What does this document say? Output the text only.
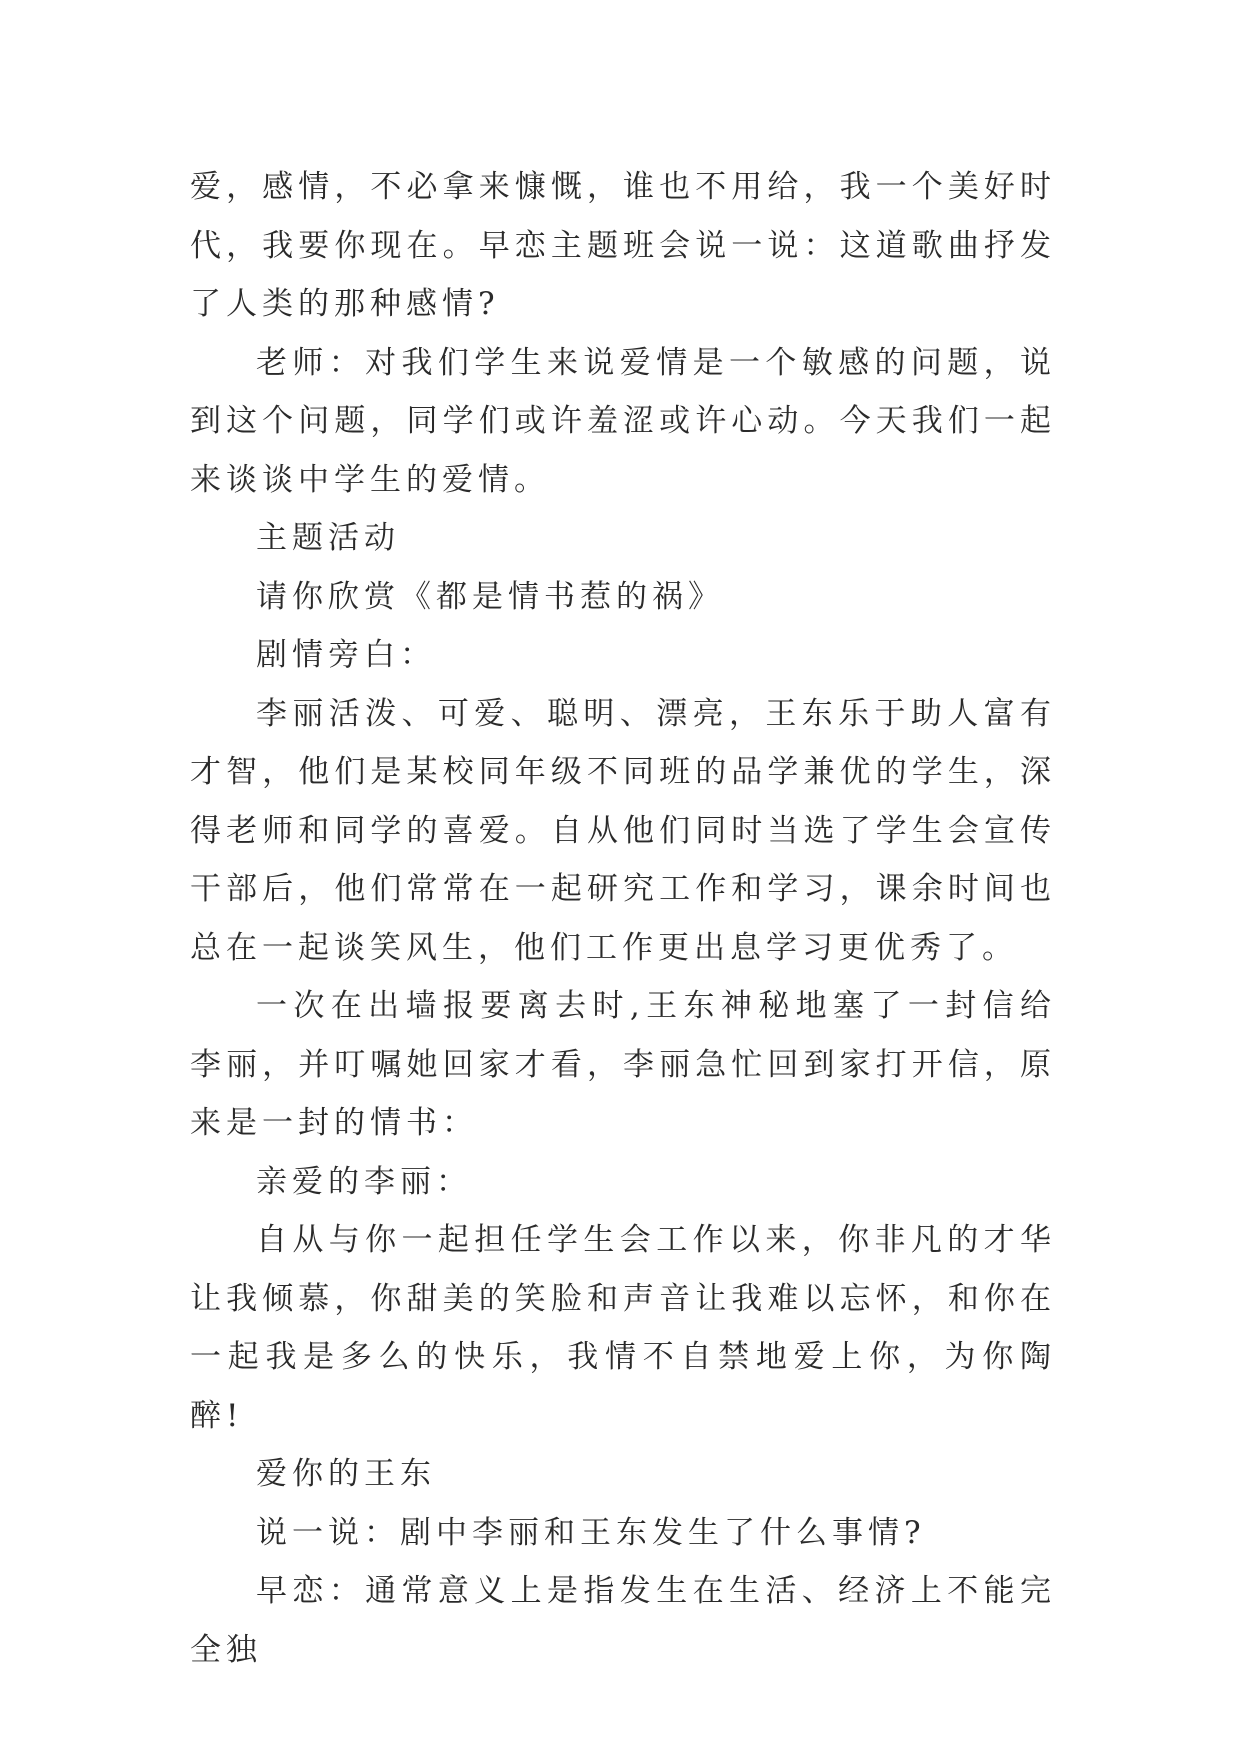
爱，感情，不必拿来慷慨，谁也不用给，我一个美好时代，我要你现在。早恋主题班会说一说：这道歌曲抒发了人类的那种感情?

老师：对我们学生来说爱情是一个敏感的问题，说到这个问题，同学们或许羞涩或许心动。今天我们一起来谈谈中学生的爱情。

主题活动

请你欣赏《都是情书惹的祸》

剧情旁白：

李丽活泼、可爱、聪明、漂亮，王东乐于助人富有才智，他们是某校同年级不同班的品学兼优的学生，深得老师和同学的喜爱。自从他们同时当选了学生会宣传干部后，他们常常在一起研究工作和学习，课余时间也总在一起谈笑风生，他们工作更出息学习更优秀了。

一次在出墙报要离去时,王东神秘地塞了一封信给李丽，并叮嘱她回家才看，李丽急忙回到家打开信，原来是一封的情书：

亲爱的李丽：

自从与你一起担任学生会工作以来，你非凡的才华让我倾慕，你甜美的笑脸和声音让我难以忘怀，和你在一起我是多么的快乐，我情不自禁地爱上你，为你陶醉!

爱你的王东

说一说：剧中李丽和王东发生了什么事情?

早恋：通常意义上是指发生在生活、经济上不能完全独
